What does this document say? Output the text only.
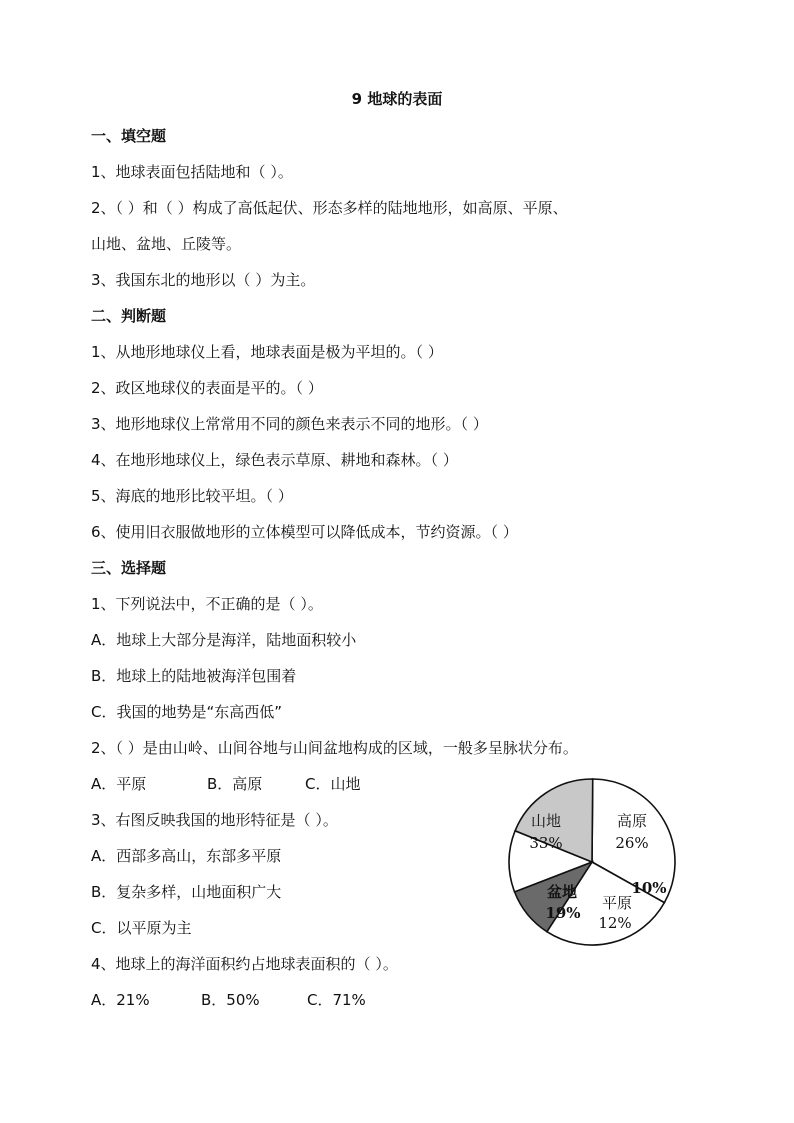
9 地球的表面
一、填空题
1、地球表面包括陆地和（ ）。
2、（ ）和（ ）构成了高低起伏、形态多样的陆地地形，如高原、平原、
山地、盆地、丘陵等。
3、我国东北的地形以（ ）为主。
二、判断题
1、从地形地球仪上看，地球表面是极为平坦的。（ ）
2、政区地球仪的表面是平的。（ ）
3、地形地球仪上常常用不同的颜色来表示不同的地形。（ ）
4、在地形地球仪上，绿色表示草原、耕地和森林。（ ）
5、海底的地形比较平坦。（ ）
6、使用旧衣服做地形的立体模型可以降低成本，节约资源。（ ）
三、选择题
1、下列说法中，不正确的是（ ）。
A．地球上大部分是海洋，陆地面积较小
B．地球上的陆地被海洋包围着
C．我国的地势是“东高西低”
2、（ ）是由山岭、山间谷地与山间盆地构成的区域，一般多呈脉状分布。
A．平原	B．高原	C．山地
3、右图反映我国的地形特征是（ ）。
A．西部多高山，东部多平原
B．复杂多样，山地面积广大
C．以平原为主
4、地球上的海洋面积约占地球表面积的（ ）。
A．21%	B．50%	C．71%
山地
33%
高原
26%
丘陵
10%
平原
12%
盆地
19%
